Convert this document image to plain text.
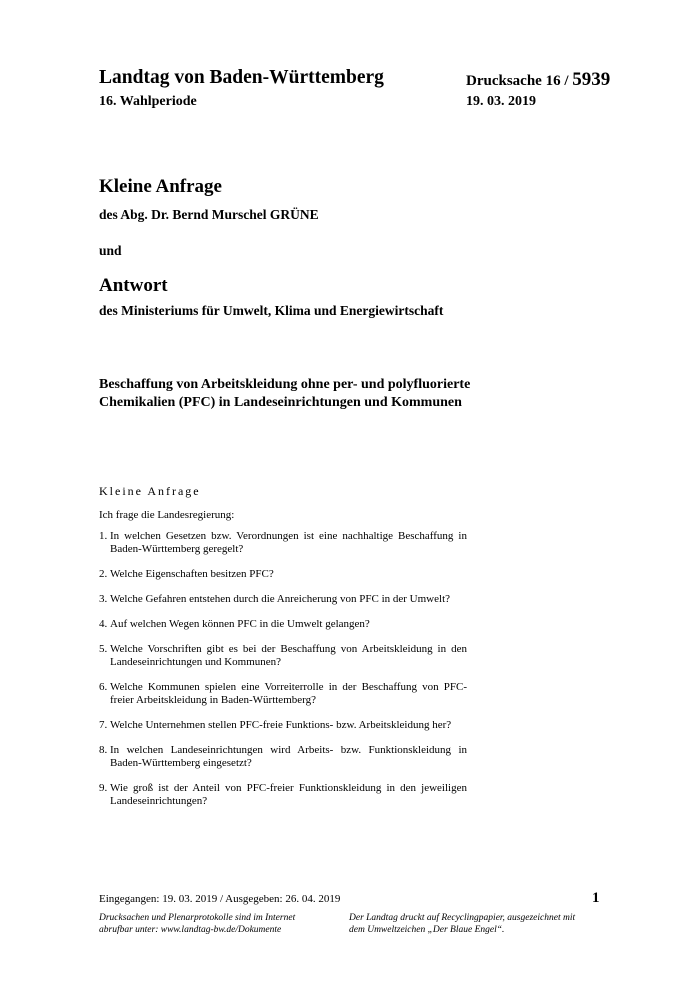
Landtag von Baden-Württemberg
16. Wahlperiode
Drucksache 16 / 5939
19. 03. 2019
Kleine Anfrage
des Abg. Dr. Bernd Murschel GRÜNE
und
Antwort
des Ministeriums für Umwelt, Klima und Energiewirtschaft
Beschaffung von Arbeitskleidung ohne per- und polyfluorierte Chemikalien (PFC) in Landeseinrichtungen und Kommunen
Kleine Anfrage
Ich frage die Landesregierung:
1. In welchen Gesetzen bzw. Verordnungen ist eine nachhaltige Beschaffung in Baden-Württemberg geregelt?
2. Welche Eigenschaften besitzen PFC?
3. Welche Gefahren entstehen durch die Anreicherung von PFC in der Umwelt?
4. Auf welchen Wegen können PFC in die Umwelt gelangen?
5. Welche Vorschriften gibt es bei der Beschaffung von Arbeitskleidung in den Landeseinrichtungen und Kommunen?
6. Welche Kommunen spielen eine Vorreiterrolle in der Beschaffung von PFC-freier Arbeitskleidung in Baden-Württemberg?
7. Welche Unternehmen stellen PFC-freie Funktions- bzw. Arbeitskleidung her?
8. In welchen Landeseinrichtungen wird Arbeits- bzw. Funktionskleidung in Baden-Württemberg eingesetzt?
9. Wie groß ist der Anteil von PFC-freier Funktionskleidung in den jeweiligen Landeseinrichtungen?
Eingegangen: 19. 03. 2019 / Ausgegeben: 26. 04. 2019	1
Drucksachen und Plenarprotokolle sind im Internet abrufbar unter: www.landtag-bw.de/Dokumente
Der Landtag druckt auf Recyclingpapier, ausgezeichnet mit dem Umweltzeichen „Der Blaue Engel“.
